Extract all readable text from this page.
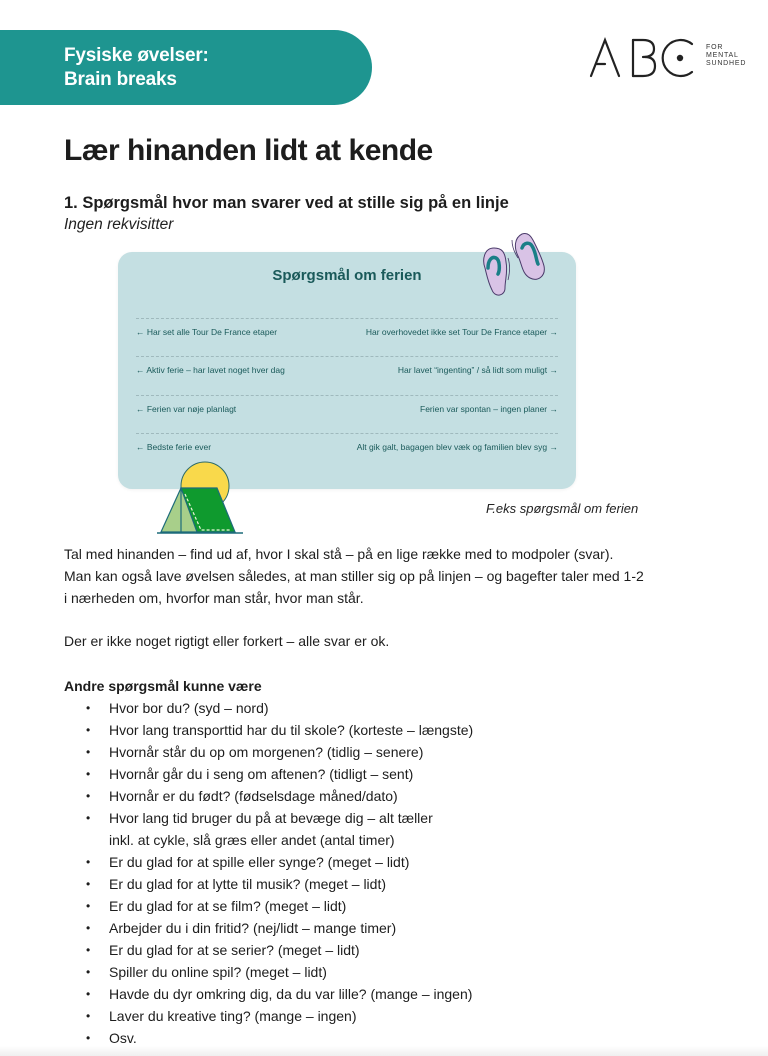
Fysiske øvelser:
Brain breaks
FOR
MENTAL
SUNDHED
Lær hinanden lidt at kende
1. Spørgsmål hvor man svarer ved at stille sig på en linje
Ingen rekvisitter
Spørgsmål om ferien
← Har set alle Tour De France etaper	Har overhovedet ikke set Tour De France etaper →
← Aktiv ferie – har lavet noget hver dag	Har lavet “ingenting” / så lidt som muligt →
← Ferien var nøje planlagt	Ferien var spontan – ingen planer →
← Bedste ferie ever	Alt gik galt, bagagen blev væk og familien blev syg →
F.eks spørgsmål om ferien
Tal med hinanden – find ud af, hvor I skal stå – på en lige række med to modpoler (svar).
Man kan også lave øvelsen således, at man stiller sig op på linjen – og bagefter taler med 1-2
i nærheden om, hvorfor man står, hvor man står.
Der er ikke noget rigtigt eller forkert – alle svar er ok.
Andre spørgsmål kunne være
• Hvor bor du? (syd – nord)
• Hvor lang transporttid har du til skole? (korteste – længste)
• Hvornår står du op om morgenen? (tidlig – senere)
• Hvornår går du i seng om aftenen? (tidligt – sent)
• Hvornår er du født? (fødselsdage måned/dato)
• Hvor lang tid bruger du på at bevæge dig – alt tæller
inkl. at cykle, slå græs eller andet (antal timer)
• Er du glad for at spille eller synge? (meget – lidt)
• Er du glad for at lytte til musik? (meget – lidt)
• Er du glad for at se film? (meget – lidt)
• Arbejder du i din fritid? (nej/lidt – mange timer)
• Er du glad for at se serier? (meget – lidt)
• Spiller du online spil? (meget – lidt)
• Havde du dyr omkring dig, da du var lille? (mange – ingen)
• Laver du kreative ting? (mange – ingen)
• Osv.
